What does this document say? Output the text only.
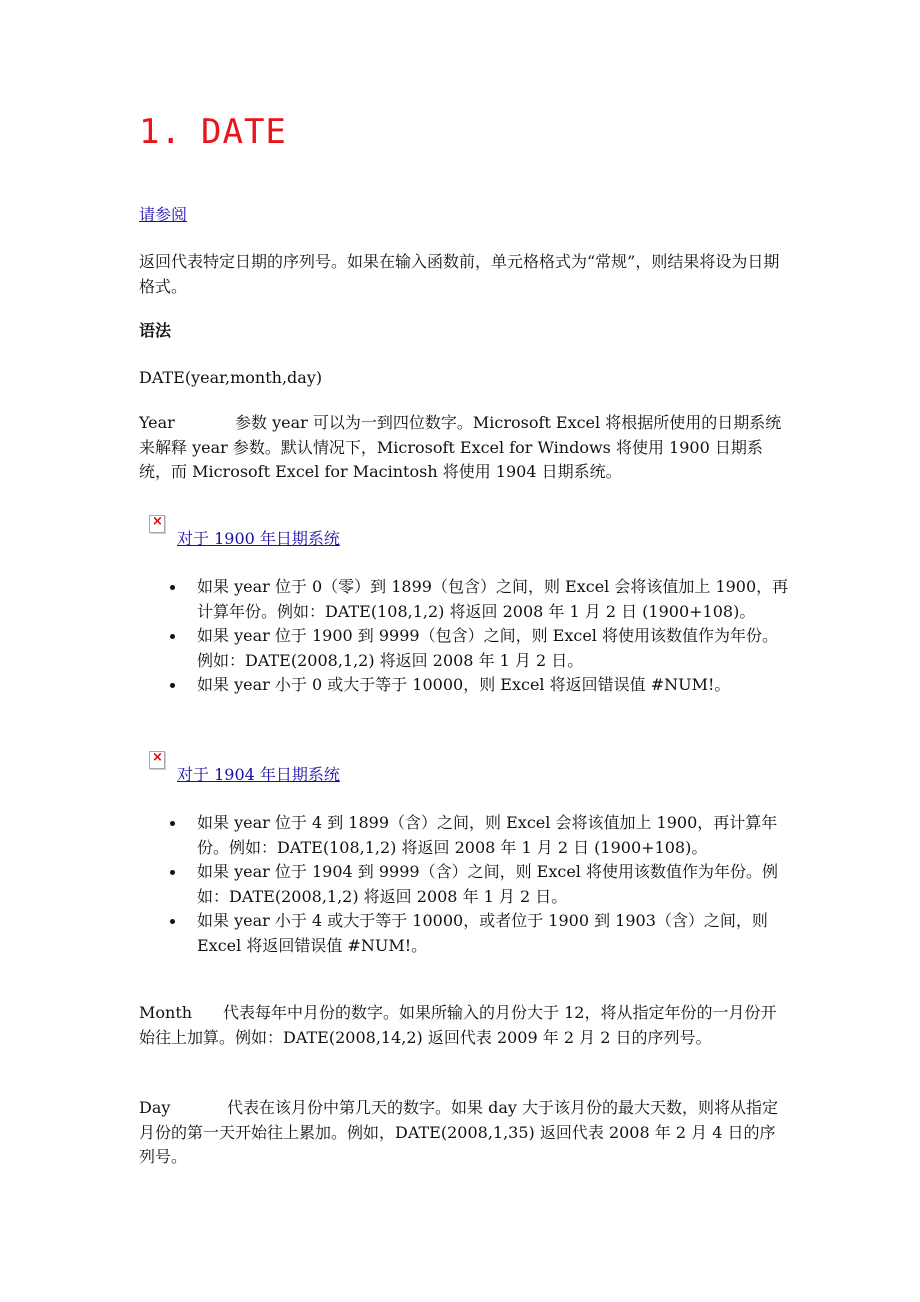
1. DATE
请参阅

返回代表特定日期的序列号。如果在输入函数前，单元格格式为“常规”，则结果将设为日期格式。

语法

DATE(year,month,day)

Year	参数 year 可以为一到四位数字。Microsoft Excel 将根据所使用的日期系统来解释 year 参数。默认情况下，Microsoft Excel for Windows 将使用 1900 日期系统，而 Microsoft Excel for Macintosh 将使用 1904 日期系统。

×
对于 1900 年日期系统
如果 year 位于 0（零）到 1899（包含）之间，则 Excel 会将该值加上 1900，再计算年份。例如：DATE(108,1,2) 将返回 2008 年 1 月 2 日 (1900+108)。
如果 year 位于 1900 到 9999（包含）之间，则 Excel 将使用该数值作为年份。例如：DATE(2008,1,2) 将返回 2008 年 1 月 2 日。
如果 year 小于 0 或大于等于 10000，则 Excel 将返回错误值 #NUM!。
×
对于 1904 年日期系统
如果 year 位于 4 到 1899（含）之间，则 Excel 会将该值加上 1900，再计算年份。例如：DATE(108,1,2) 将返回 2008 年 1 月 2 日 (1900+108)。
如果 year 位于 1904 到 9999（含）之间，则 Excel 将使用该数值作为年份。例如：DATE(2008,1,2) 将返回 2008 年 1 月 2 日。
如果 year 小于 4 或大于等于 10000，或者位于 1900 到 1903（含）之间，则 Excel 将返回错误值 #NUM!。

Month 代表每年中月份的数字。如果所输入的月份大于 12，将从指定年份的一月份开始往上加算。例如：DATE(2008,14,2) 返回代表 2009 年 2 月 2 日的序列号。

Day	代表在该月份中第几天的数字。如果 day 大于该月份的最大天数，则将从指定月份的第一天开始往上累加。例如，DATE(2008,1,35) 返回代表 2008 年 2 月 4 日的序列号。
